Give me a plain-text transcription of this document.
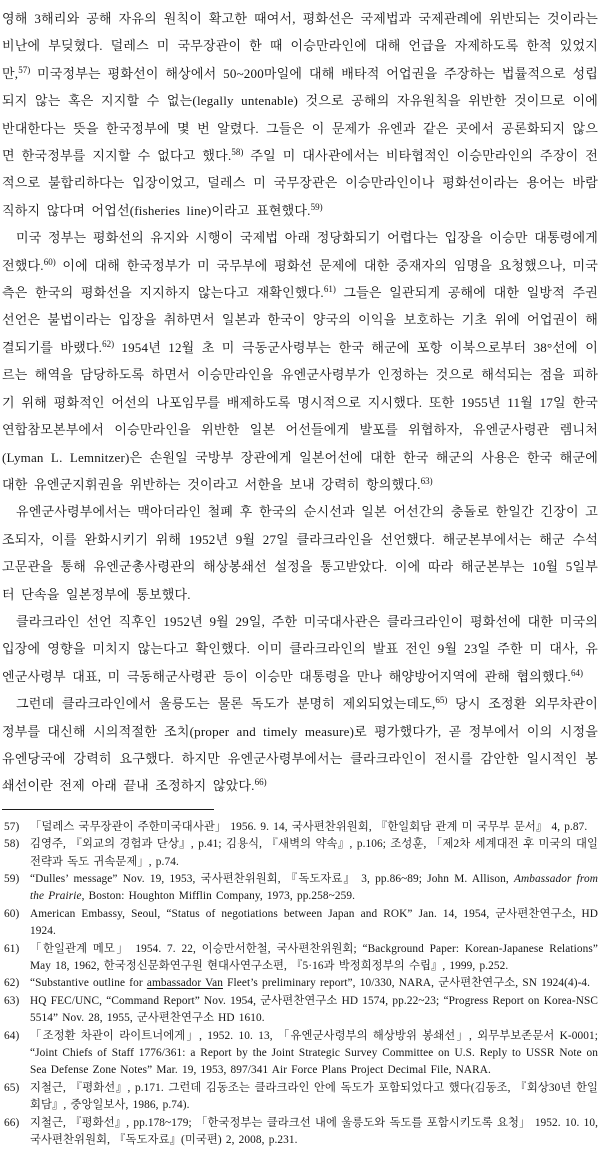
영해 3해리와 공해 자유의 원칙이 확고한 때여서, 평화선은 국제법과 국제관례에 위반되는 것이라는 비난에 부딪혔다. 덜레스 미 국무장관이 한 때 이승만라인에 대해 언급을 자제하도록 한적 있었지만,$^{57)}$ 미국정부는 평화선이 해상에서 50~200마일에 대해 배타적 어업권을 주장하는 법률적으로 성립되지 않는 혹은 지지할 수 없는(legally untenable) 것으로 공해의 자유원칙을 위반한 것이므로 이에 반대한다는 뜻을 한국정부에 몇 번 알렸다. 그들은 이 문제가 유엔과 같은 곳에서 공론화되지 않으면 한국정부를 지지할 수 없다고 했다.$^{58)}$ 주일 미 대사관에서는 비타협적인 이승만라인의 주장이 전적으로 불합리하다는 입장이었고, 덜레스 미 국무장관은 이승만라인이나 평화선이라는 용어는 바람직하지 않다며 어업선(fisheries line)이라고 표현했다.$^{59)}$

미국 정부는 평화선의 유지와 시행이 국제법 아래 정당화되기 어렵다는 입장을 이승만 대통령에게 전했다.$^{60)}$ 이에 대해 한국정부가 미 국무부에 평화선 문제에 대한 중재자의 임명을 요청했으나, 미국 측은 한국의 평화선을 지지하지 않는다고 재확인했다.$^{61)}$ 그들은 일관되게 공해에 대한 일방적 주권선언은 불법이라는 입장을 취하면서 일본과 한국이 양국의 이익을 보호하는 기초 위에 어업권이 해결되기를 바랬다.$^{62)}$ 1954년 12월 초 미 극동군사령부는 한국 해군에 포항 이북으로부터 38°선에 이르는 해역을 담당하도록 하면서 이승만라인을 유엔군사령부가 인정하는 것으로 해석되는 점을 피하기 위해 평화적인 어선의 나포임무를 배제하도록 명시적으로 지시했다. 또한 1955년 11월 17일 한국 연합참모본부에서 이승만라인을 위반한 일본 어선들에게 발포를 위협하자, 유엔군사령관 렘니처(Lyman L. Lemnitzer)은 손원일 국방부 장관에게 일본어선에 대한 한국 해군의 사용은 한국 해군에 대한 유엔군지휘권을 위반하는 것이라고 서한을 보내 강력히 항의했다.$^{63)}$

유엔군사령부에서는 맥아더라인 철폐 후 한국의 순시선과 일본 어선간의 충돌로 한일간 긴장이 고조되자, 이를 완화시키기 위해 1952년 9월 27일 클라크라인을 선언했다. 해군본부에서는 해군 수석고문관을 통해 유엔군총사령관의 해상봉쇄선 설정을 통고받았다. 이에 따라 해군본부는 10월 5일부터 단속을 일본정부에 통보했다.

클라크라인 선언 직후인 1952년 9월 29일, 주한 미국대사관은 클라크라인이 평화선에 대한 미국의 입장에 영향을 미치지 않는다고 확인했다. 이미 클라크라인의 발표 전인 9월 23일 주한 미 대사, 유엔군사령부 대표, 미 극동해군사령관 등이 이승만 대통령을 만나 해양방어지역에 관해 협의했다.$^{64)}$

그런데 클라크라인에서 울릉도는 물론 독도가 분명히 제외되었는데도,$^{65)}$ 당시 조정환 외무차관이 정부를 대신해 시의적절한 조치(proper and timely measure)로 평가했다가, 곧 정부에서 이의 시정을 유엔당국에 강력히 요구했다. 하지만 유엔군사령부에서는 클라크라인이 전시를 감안한 일시적인 봉쇄선이란 전제 아래 끝내 조정하지 않았다.$^{66)}$

57) 「덜레스 국무장관이 주한미국대사관」 1956. 9. 14, 국사편찬위원회, 『한일회담 관계 미 국무부 문서』 4, p.87.
58) 김영주, 『외교의 경험과 단상』, p.41; 김용식, 『새벽의 약속』, p.106; 조성훈, 「제2차 세계대전 후 미국의 대일전략과 독도 귀속문제」, p.74.
59) “Dulles’ message” Nov. 19, 1953, 국사편찬위원회, 『독도자료』 3, pp.86~89; John M. Allison, Ambassador from the Prairie, Boston: Houghton Mifflin Company, 1973, pp.258~259.
60) American Embassy, Seoul, “Status of negotiations between Japan and ROK” Jan. 14, 1954, 군사편찬연구소, HD 1924.
61) 「한일관계 메모」 1954. 7. 22, 이승만서한철, 국사편찬위원회; “Background Paper: Korean-Japanese Relations” May 18, 1962, 한국정신문화연구원 현대사연구소편, 『5·16과 박정희정부의 수립』, 1999, p.252.
62) “Substantive outline for ambassador Van Fleet’s preliminary report”, 10/330, NARA, 군사편찬연구소, SN 1924(4)-4.
63) HQ FEC/UNC, “Command Report” Nov. 1954, 군사편찬연구소 HD 1574, pp.22~23; “Progress Report on Korea-NSC 5514” Nov. 28, 1955, 군사편찬연구소 HD 1610.
64) 「조정환 차관이 라이트너에게」, 1952. 10. 13, 「유엔군사령부의 해상방위 봉쇄선」, 외무부보존문서 K-0001; “Joint Chiefs of Staff 1776/361: a Report by the Joint Strategic Survey Committee on U.S. Reply to USSR Note on Sea Defense Zone Notes” Mar. 19, 1953, 897/341 Air Force Plans Project Decimal File, NARA.
65) 지철근, 『평화선』, p.171. 그런데 김동조는 클라크라인 안에 독도가 포함되었다고 했다(김동조, 『회상30년 한일회담』, 중앙일보사, 1986, p.74).
66) 지철근, 『평화선』, pp.178~179; 「한국정부는 클라크선 내에 울릉도와 독도를 포함시키도록 요청」 1952. 10. 10, 국사편찬위원회, 『독도자료』(미국편) 2, 2008, p.231.
